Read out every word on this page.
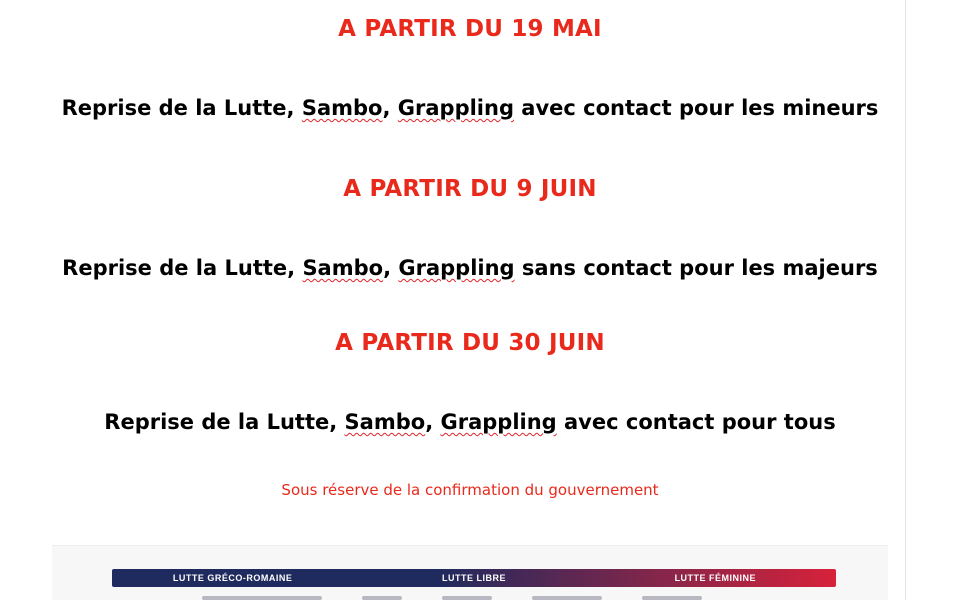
A PARTIR DU 19 MAI
Reprise de la Lutte, Sambo, Grappling avec contact pour les mineurs
A PARTIR DU 9 JUIN
Reprise de la Lutte, Sambo, Grappling sans contact pour les majeurs
A PARTIR DU 30 JUIN
Reprise de la Lutte, Sambo, Grappling avec contact pour tous
Sous réserve de la confirmation du gouvernement
LUTTE GRÉCO-ROMAINE	LUTTE LIBRE	LUTTE FÉMININE
